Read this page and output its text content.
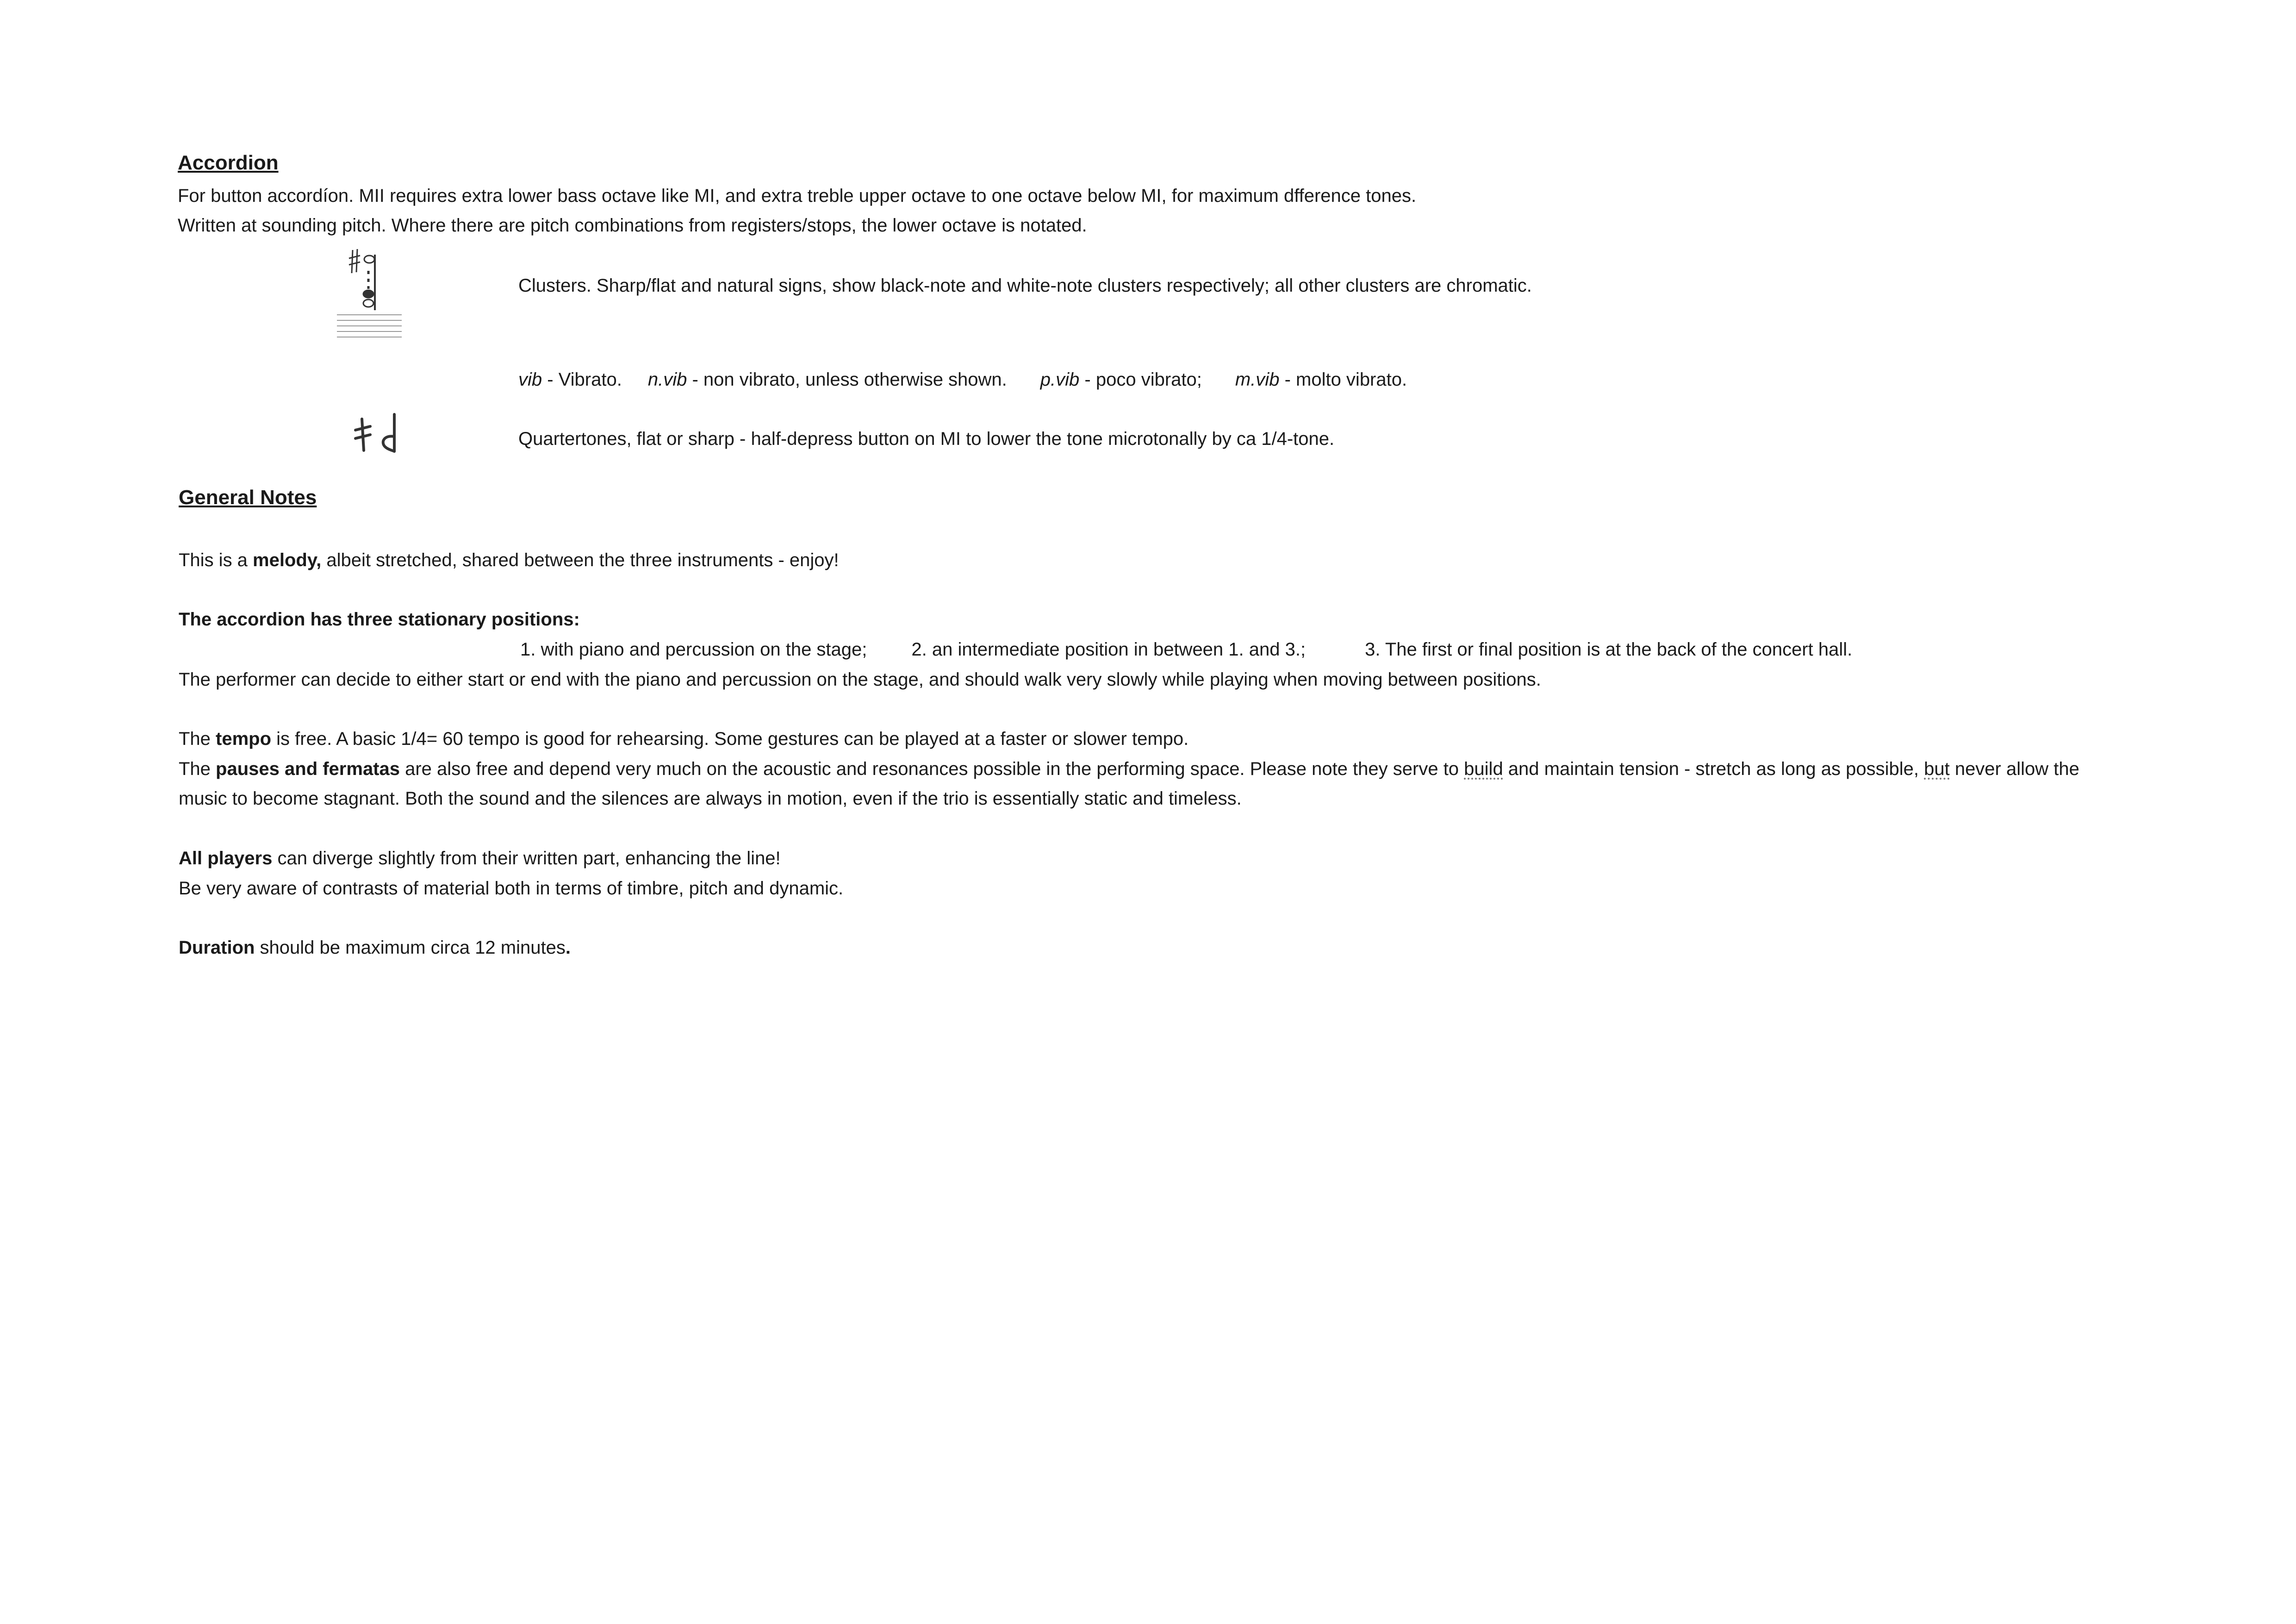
Accordion
For button accordíon. MII requires extra lower bass octave like MI, and extra treble upper octave to one octave below MI, for maximum dfference tones.
Written at sounding pitch. Where there are pitch combinations from registers/stops, the lower octave is notated.
Clusters. Sharp/flat and natural signs, show black-note and white-note clusters respectively; all other clusters are chromatic.
vib - Vibrato. n.vib - non vibrato, unless otherwise shown. p.vib - poco vibrato; m.vib - molto vibrato.
Quartertones, flat or sharp - half-depress button on MI to lower the tone microtonally by ca 1/4-tone.
General Notes
This is a melody, albeit stretched, shared between the three instruments - enjoy!
The accordion has three stationary positions:
1. with piano and percussion on the stage; 2. an intermediate position in between 1. and 3.;	3. The first or final position is at the back of the concert hall.
The performer can decide to either start or end with the piano and percussion on the stage, and should walk very slowly while playing when moving between positions.
The tempo is free. A basic 1/4= 60 tempo is good for rehearsing. Some gestures can be played at a faster or slower tempo.
The pauses and fermatas are also free and depend very much on the acoustic and resonances possible in the performing space. Please note they serve to build and maintain tension - stretch as long as possible, but never allow the
music to become stagnant. Both the sound and the silences are always in motion, even if the trio is essentially static and timeless.
All players can diverge slightly from their written part, enhancing the line!
Be very aware of contrasts of material both in terms of timbre, pitch and dynamic.
Duration should be maximum circa 12 minutes.
